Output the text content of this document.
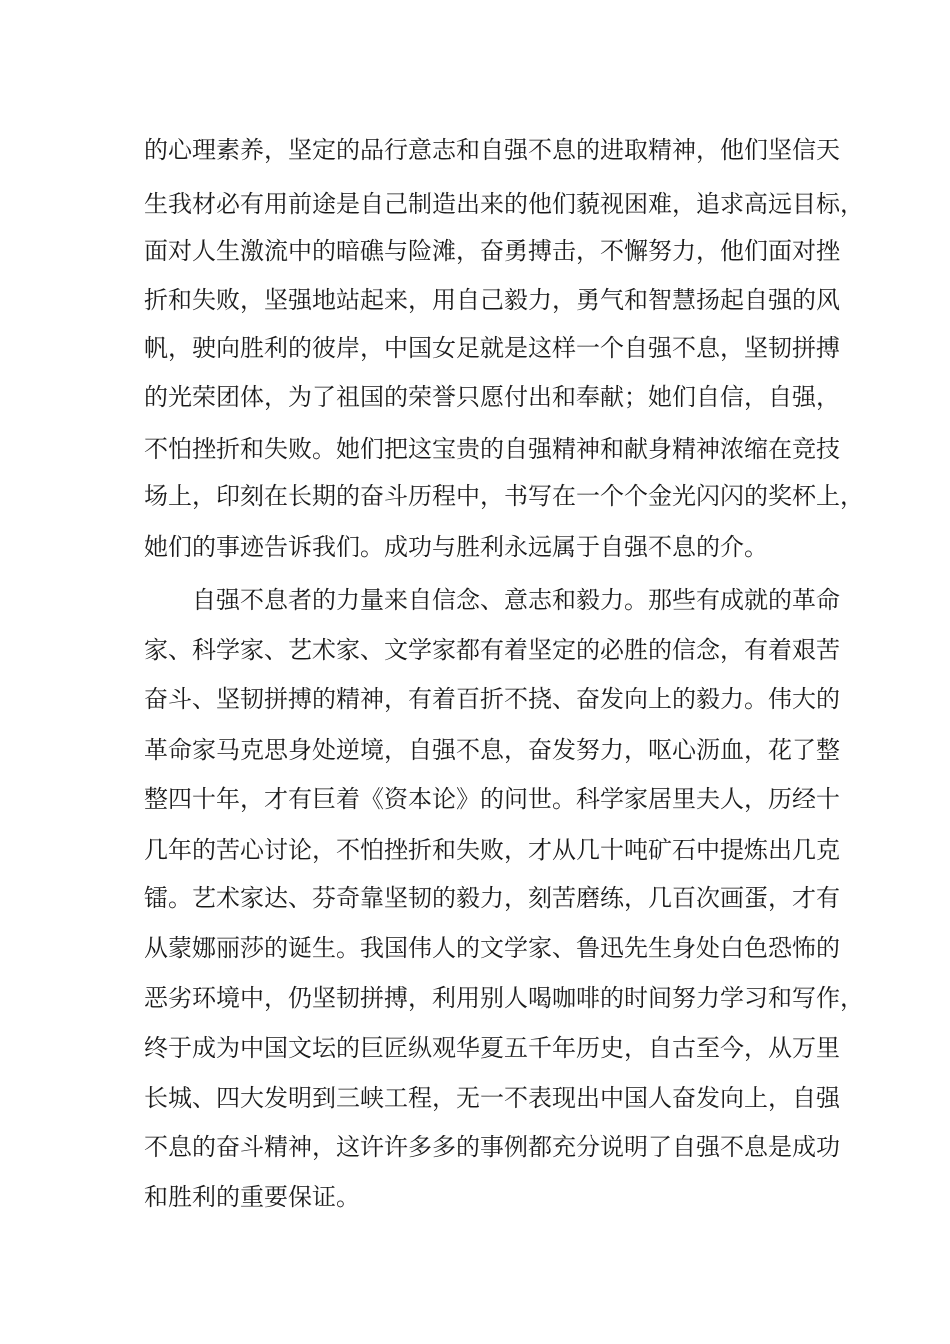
的心理素养，坚定的品行意志和自强不息的进取精神，他们坚信天
生我材必有用前途是自己制造出来的他们藐视困难，追求高远目标，
面对人生激流中的暗礁与险滩，奋勇搏击，不懈努力，他们面对挫
折和失败，坚强地站起来，用自己毅力，勇气和智慧扬起自强的风
帆，驶向胜利的彼岸，中国女足就是这样一个自强不息，坚韧拼搏
的光荣团体，为了祖国的荣誉只愿付出和奉献；她们自信，自强，
不怕挫折和失败。她们把这宝贵的自强精神和献身精神浓缩在竞技
场上，印刻在长期的奋斗历程中，书写在一个个金光闪闪的奖杯上，
她们的事迹告诉我们。成功与胜利永远属于自强不息的介。
自强不息者的力量来自信念、意志和毅力。那些有成就的革命
家、科学家、艺术家、文学家都有着坚定的必胜的信念，有着艰苦
奋斗、坚韧拼搏的精神，有着百折不挠、奋发向上的毅力。伟大的
革命家马克思身处逆境，自强不息，奋发努力，呕心沥血，花了整
整四十年，才有巨着《资本论》的问世。科学家居里夫人，历经十
几年的苦心讨论，不怕挫折和失败，才从几十吨矿石中提炼出几克
镭。艺术家达、芬奇靠坚韧的毅力，刻苦磨练，几百次画蛋，才有
从蒙娜丽莎的诞生。我国伟人的文学家、鲁迅先生身处白色恐怖的
恶劣环境中，仍坚韧拼搏，利用别人喝咖啡的时间努力学习和写作，
终于成为中国文坛的巨匠纵观华夏五千年历史，自古至今，从万里
长城、四大发明到三峡工程，无一不表现出中国人奋发向上，自强
不息的奋斗精神，这许许多多的事例都充分说明了自强不息是成功
和胜利的重要保证。
